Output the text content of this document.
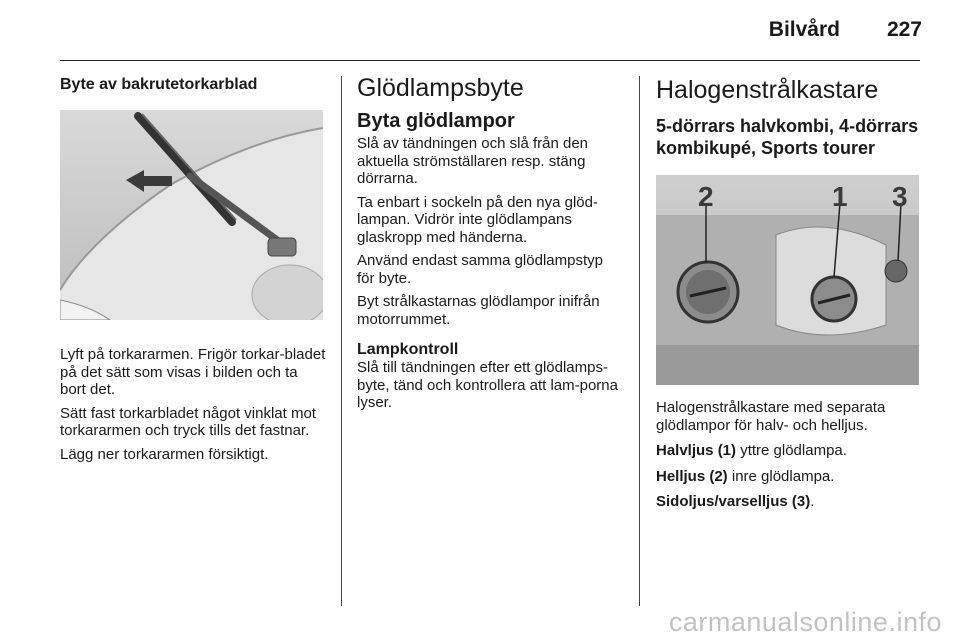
Bilvård 227
Byte av bakrutetorkarblad

Lyft på torkararmen. Frigör torkar-bladet på det sätt som visas i bilden och ta bort det.

Sätt fast torkarbladet något vinklat mot torkararmen och tryck tills det fastnar.

Lägg ner torkararmen försiktigt.

Glödlampsbyte
Byta glödlampor

Slå av tändningen och slå från den aktuella strömställaren resp. stäng dörrarna.

Ta enbart i sockeln på den nya glöd-lampan. Vidrör inte glödlampans glaskropp med händerna.

Använd endast samma glödlampstyp för byte.

Byt strålkastarnas glödlampor inifrån motorrummet.

Lampkontroll

Slå till tändningen efter ett glödlamps-byte, tänd och kontrollera att lam-porna lyser.

Halogenstrålkastare
5-dörrars halvkombi, 4-dörrars kombikupé, Sports tourer
2	1 3

Halogenstrålkastare med separata glödlampor för halv- och helljus.

Halvljus (1) yttre glödlampa.

Helljus (2) inre glödlampa.

Sidoljus/varselljus (3).

carmanualsonline.info
